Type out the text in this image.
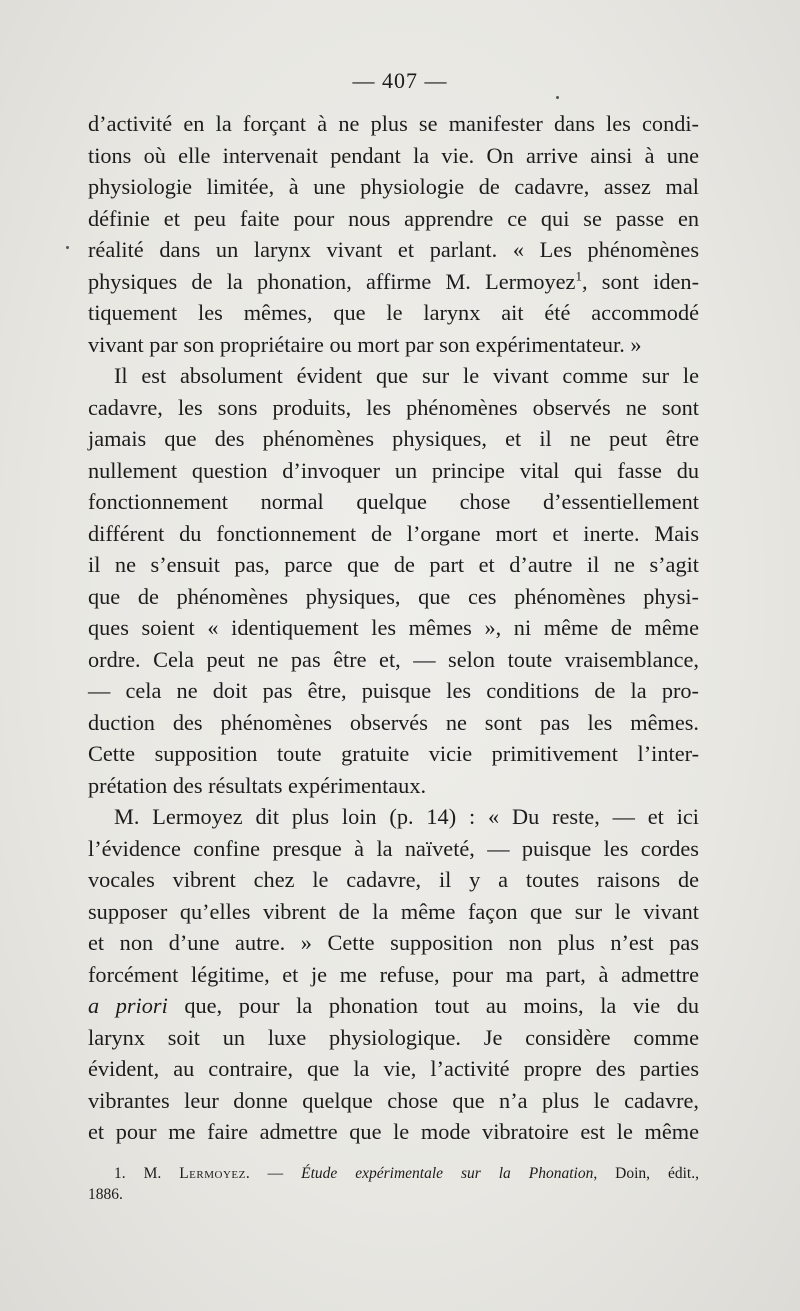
— 407 —
d’activité en la forçant à ne plus se manifester dans les condi-
tions où elle intervenait pendant la vie. On arrive ainsi à une
physiologie limitée, à une physiologie de cadavre, assez mal
définie et peu faite pour nous apprendre ce qui se passe en
réalité dans un larynx vivant et parlant. « Les phénomènes
physiques de la phonation, affirme M. Lermoyez$^1$, sont iden-
tiquement les mêmes, que le larynx ait été accommodé
vivant par son propriétaire ou mort par son expérimentateur. »
Il est absolument évident que sur le vivant comme sur le
cadavre, les sons produits, les phénomènes observés ne sont
jamais que des phénomènes physiques, et il ne peut être
nullement question d’invoquer un principe vital qui fasse du
fonctionnement normal quelque chose d’essentiellement
différent du fonctionnement de l’organe mort et inerte. Mais
il ne s’ensuit pas, parce que de part et d’autre il ne s’agit
que de phénomènes physiques, que ces phénomènes physi-
ques soient « identiquement les mêmes », ni même de même
ordre. Cela peut ne pas être et, — selon toute vraisemblance,
— cela ne doit pas être, puisque les conditions de la pro-
duction des phénomènes observés ne sont pas les mêmes.
Cette supposition toute gratuite vicie primitivement l’inter-
prétation des résultats expérimentaux.
M. Lermoyez dit plus loin (p. 14) : « Du reste, — et ici
l’évidence confine presque à la naïveté, — puisque les cordes
vocales vibrent chez le cadavre, il y a toutes raisons de
supposer qu’elles vibrent de la même façon que sur le vivant
et non d’une autre. » Cette supposition non plus n’est pas
forcément légitime, et je me refuse, pour ma part, à admettre
a priori que, pour la phonation tout au moins, la vie du
larynx soit un luxe physiologique. Je considère comme
évident, au contraire, que la vie, l’activité propre des parties
vibrantes leur donne quelque chose que n’a plus le cadavre,
et pour me faire admettre que le mode vibratoire est le même
1. M. Lermoyez. — Étude expérimentale sur la Phonation, Doin, édit.,
1886.
